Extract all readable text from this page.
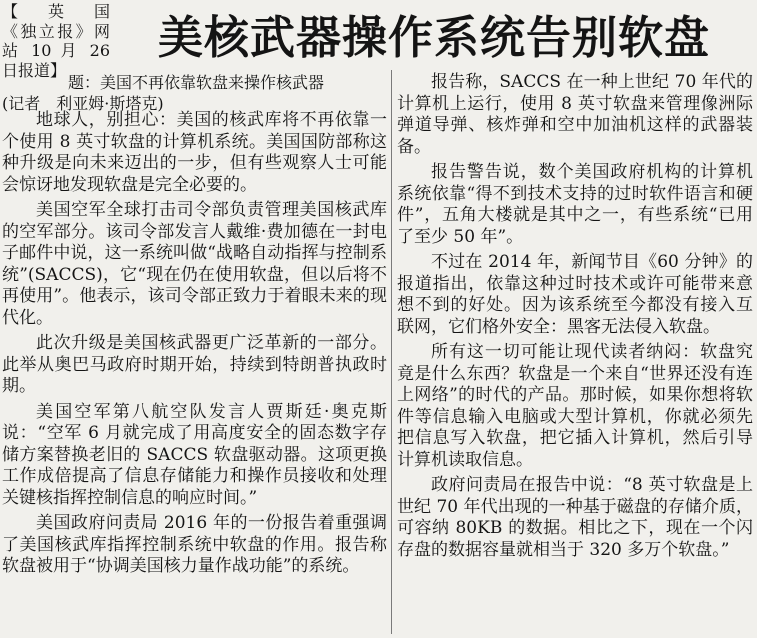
【英国
《独立报》网
站 10 月 26
日报道】
美核武器操作系统告别软盘
题：美国不再依靠软盘来操作核武器
(记者　利亚姆·斯塔克)

地球人，别担心：美国的核武库将不再依靠一个使用 8 英寸软盘的计算机系统。美国国防部称这种升级是向未来迈出的一步，但有些观察人士可能会惊讶地发现软盘是完全必要的。

美国空军全球打击司令部负责管理美国核武库的空军部分。该司令部发言人戴维·费加德在一封电子邮件中说，这一系统叫做“战略自动指挥与控制系统”(SACCS)，它“现在仍在使用软盘，但以后将不再使用”。他表示，该司令部正致力于着眼未来的现代化。

此次升级是美国核武器更广泛革新的一部分。此举从奥巴马政府时期开始，持续到特朗普执政时期。

美国空军第八航空队发言人贾斯廷·奥克斯说：“空军 6 月就完成了用高度安全的固态数字存储方案替换老旧的 SACCS 软盘驱动器。这项更换工作成倍提高了信息存储能力和操作员接收和处理关键核指挥控制信息的响应时间。”

美国政府问责局 2016 年的一份报告着重强调了美国核武库指挥控制系统中软盘的作用。报告称软盘被用于“协调美国核力量作战功能”的系统。

报告称，SACCS 在一种上世纪 70 年代的计算机上运行，使用 8 英寸软盘来管理像洲际弹道导弹、核炸弹和空中加油机这样的武器装备。

报告警告说，数个美国政府机构的计算机系统依靠“得不到技术支持的过时软件语言和硬件”，五角大楼就是其中之一，有些系统“已用了至少 50 年”。

不过在 2014 年，新闻节目《60 分钟》的报道指出，依靠这种过时技术或许可能带来意想不到的好处。因为该系统至今都没有接入互联网，它们格外安全：黑客无法侵入软盘。

所有这一切可能让现代读者纳闷：软盘究竟是什么东西？软盘是一个来自“世界还没有连上网络”的时代的产品。那时候，如果你想将软件等信息输入电脑或大型计算机，你就必须先把信息写入软盘，把它插入计算机，然后引导计算机读取信息。

政府问责局在报告中说：“8 英寸软盘是上世纪 70 年代出现的一种基于磁盘的存储介质，可容纳 80KB 的数据。相比之下，现在一个闪存盘的数据容量就相当于 320 多万个软盘。”
